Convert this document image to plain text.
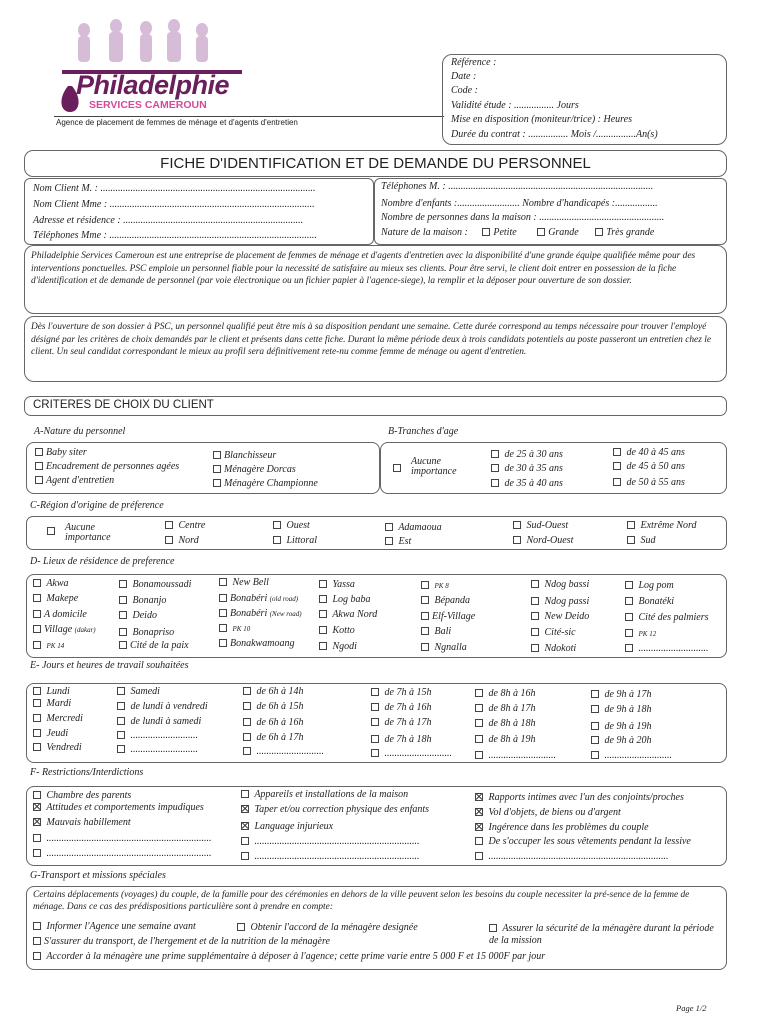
Philadelphie
SERVICES CAMEROUN
Agence de placement de femmes de ménage et d'agents d'entretien
Référence :
Date :
Code :
Validité étude : ................ Jours
Mise en disposition (moniteur/trice) : Heures
Durée du contrat : ................ Mois /................An(s)
FICHE D'IDENTIFICATION ET DE DEMANDE DU PERSONNEL
Nom Client M. : ......................................................................................
Nom Client Mme : ..................................................................................
Adresse et résidence : ........................................................................
Téléphones Mme : ...................................................................................
Téléphones M. : ..................................................................................
Nombre d'enfants :......................... Nombre d'handicapés :.................
Nombre de personnes dans la maison : ..................................................
Nature de la maison :	Petite	Grande	Très grande
Philadelphie Services Cameroun est une entreprise de placement de femmes de ménage et d'agents d'entretien avec la disponibilité d'une grande équipe qualifiée même pour des interventions ponctuelles. PSC emploie un personnel fiable pour la necessité de satisfaire au mieux ses clients. Pour être servi, le client doit entrer en possession de la fiche d'identification et de demande de personnel (par voie électronique ou un fichier papier à l'agence-siege), la remplir et la déposer pour ouverture de son dossier.
Dès l'ouverture de son dossier à PSC, un personnel qualifié peut être mis à sa disposition pendant une semaine. Cette durée correspond au temps nécessaire pour trouver l'employé désigné par les critères de choix demandés par le client et présents dans cette fiche. Durant la même période deux à trois candidats potentiels au poste passeront un entretien chez le client. Un seul candidat correspondant le mieux au profil sera définitivement rete-nu comme femme de ménage ou agent d'entretien.
CRITERES DE CHOIX DU CLIENT
A-Nature du personnel	B-Tranches d'age
Baby siter
Encadrement de personnes agées
Agent d'entretien
Blanchisseur
Ménagère Dorcas
Ménagère Championne
Aucune importance
de 25 à 30 ans
de 30 à 35 ans
de 35 à 40 ans
de 40 à 45 ans
de 45 à 50 ans
de 50 à 55 ans
C-Région d'origine de préference
Aucune importance
Centre
Nord
Ouest
Littoral
Adamaoua
Est
Sud-Ouest
Nord-Ouest
Extrême Nord
Sud
D- Lieux de résidence de preference
Akwa
Makepe
A domicile
Village (dakar)
PK 14
Bonamoussadi
Bonanjo
Deido
Bonapriso
Cité de la paix
New Bell
Bonabéri (old road)
Bonabéri (New road)
PK 10
Bonakwamoang
Yassa
Log baba
Akwa Nord
Kotto
Ngodi
PK 8
Bépanda
Elf-Village
Bali
Ngnalla
Ndog bassi
Ndog passi
New Deido
Cité-sic
Ndokoti
Log pom
Bonatéki
Cité des palmiers
PK 12
............................
E- Jours et heures de travail souhaitées
Lundi
Mardi
Mercredi
Jeudi
Vendredi
Samedi
de lundi à vendredi
de lundi à samedi
...........................
...........................
de 6h à 14h
de 6h à 15h
de 6h à 16h
de 6h à 17h
...........................
de 7h à 15h
de 7h à 16h
de 7h à 17h
de 7h à 18h
...........................
de 8h à 16h
de 8h à 17h
de 8h à 18h
de 8h à 19h
...........................
de 9h à 17h
de 9h à 18h
de 9h à 19h
de 9h à 20h
...........................
F- Restrictions/Interdictions
Chambre des parents
Attitudes et comportements impudiques
Mauvais habillement
..................................................................
..................................................................
Appareils et installations de la maison
Taper et/ou correction physique des enfants
Language injurieux
..................................................................
..................................................................
Rapports intimes avec l'un des conjoints/proches
Vol d'objets, de biens ou d'argent
Ingérence dans les problèmes du couple
De s'occuper les sous vêtements pendant la lessive
........................................................................
G-Transport et missions spéciales
Certains déplacements (voyages) du couple, de la famille pour des cérémonies en dehors de la ville peuvent selon les besoins du couple necessiter la pré-sence de la femme de ménage. Dans ce cas des prédispositions particulière sont à prendre en compte:
Informer l'Agence une semaine avant
S'assurer du transport, de l'hergement et de la nutrition de la ménagère
Obtenir l'accord de la ménagère designée	Assurer la sécurité de la ménagère durant la période de la mission
Accorder à la ménagère une prime supplémentaire à déposer à l'agence; cette prime varie entre 5 000 F et 15 000F par jour
Page 1/2
